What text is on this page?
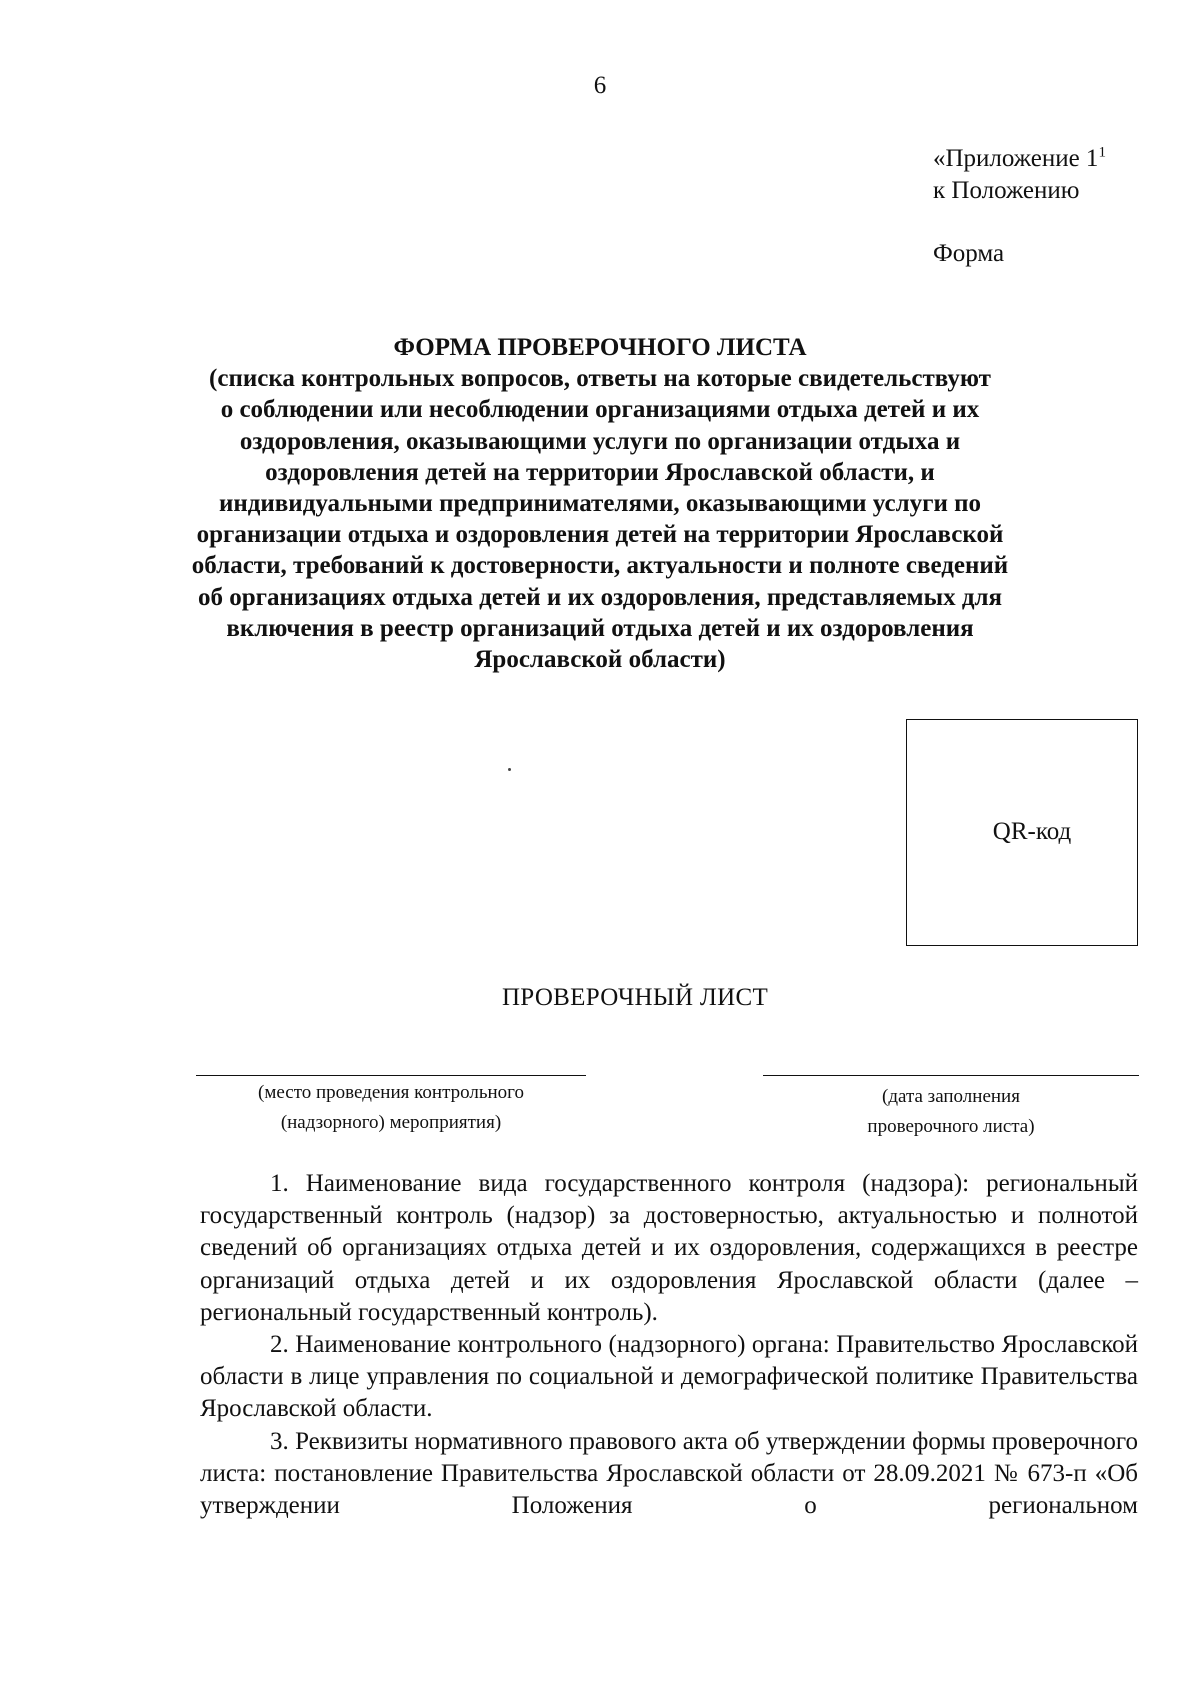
6
«Приложение $1^1$
к Положению
Форма
ФОРМА ПРОВЕРОЧНОГО ЛИСТА
(списка контрольных вопросов, ответы на которые свидетельствуют
о соблюдении или несоблюдении организациями отдыха детей и их
оздоровления, оказывающими услуги по организации отдыха и
оздоровления детей на территории Ярославской области, и
индивидуальными предпринимателями, оказывающими услуги по
организации отдыха и оздоровления детей на территории Ярославской
области, требований к достоверности, актуальности и полноте сведений
об организациях отдыха детей и их оздоровления, представляемых для
включения в реестр организаций отдыха детей и их оздоровления
Ярославской области)
QR-код
ПРОВЕРОЧНЫЙ ЛИСТ
(место проведения контрольного
(надзорного) мероприятия)
(дата заполнения
проверочного листа)

1. Наименование вида государственного контроля (надзора): региональный государственный контроль (надзор) за достоверностью, актуальностью и полнотой сведений об организациях отдыха детей и их оздоровления, содержащихся в реестре организаций отдыха детей и их оздоровления Ярославской области (далее – региональный государственный контроль).

2. Наименование контрольного (надзорного) органа: Правительство Ярославской области в лице управления по социальной и демографической политике Правительства Ярославской области.

3. Реквизиты нормативного правового акта об утверждении формы проверочного листа: постановление Правительства Ярославской области от 28.09.2021 № 673-п «Об утверждении Положения о региональном
